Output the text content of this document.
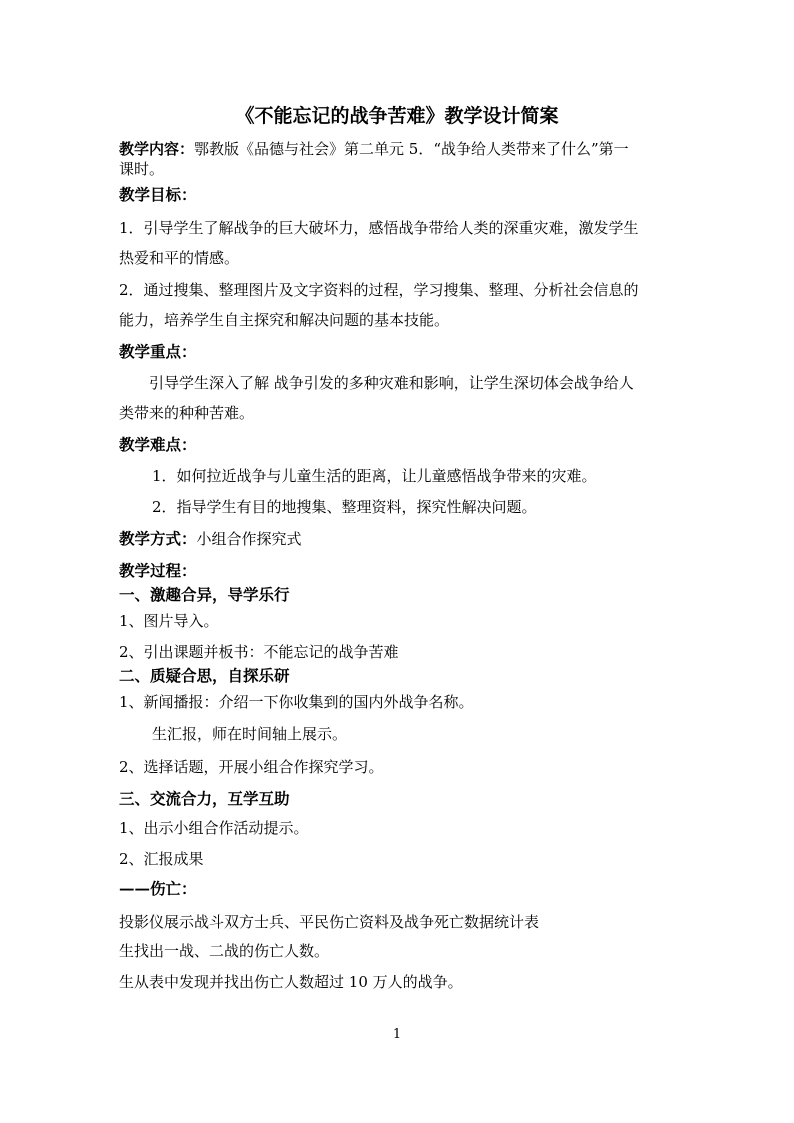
《不能忘记的战争苦难》教学设计简案
教学内容：鄂教版《品德与社会》第二单元 5．“战争给人类带来了什么”第一
课时。
教学目标：
1．引导学生了解战争的巨大破坏力，感悟战争带给人类的深重灾难，激发学生
热爱和平的情感。
2．通过搜集、整理图片及文字资料的过程，学习搜集、整理、分析社会信息的
能力，培养学生自主探究和解决问题的基本技能。
教学重点：
引导学生深入了解 战争引发的多种灾难和影响，让学生深切体会战争给人
类带来的种种苦难。
教学难点：
1．如何拉近战争与儿童生活的距离，让儿童感悟战争带来的灾难。
2．指导学生有目的地搜集、整理资料，探究性解决问题。
教学方式：小组合作探究式
教学过程：
一、激趣合异，导学乐行
1、图片导入。
2、引出课题并板书：不能忘记的战争苦难
二、质疑合思，自探乐研
1、新闻播报：介绍一下你收集到的国内外战争名称。
生汇报，师在时间轴上展示。
2、选择话题，开展小组合作探究学习。
三、交流合力，互学互助
1、出示小组合作活动提示。
2、汇报成果
——伤亡：
投影仪展示战斗双方士兵、平民伤亡资料及战争死亡数据统计表
生找出一战、二战的伤亡人数。
生从表中发现并找出伤亡人数超过 10 万人的战争。
1
